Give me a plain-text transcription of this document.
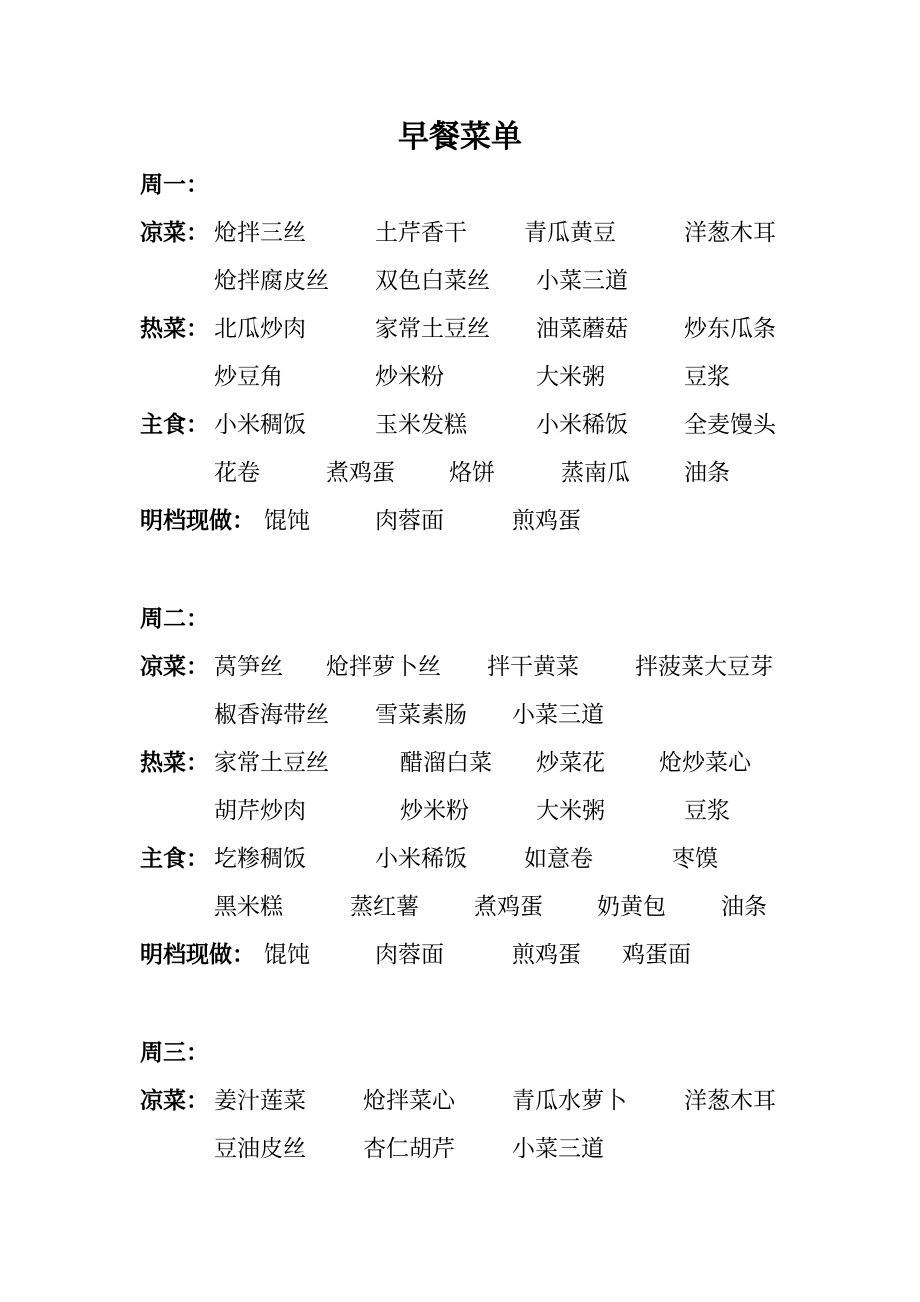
早餐菜单
周一：
凉菜： 炝拌三丝	土芹香干 青瓜黄豆	洋葱木耳
炝拌腐皮丝 双色白菜丝 小菜三道
热菜： 北瓜炒肉	家常土豆丝 油菜蘑菇 炒东瓜条
炒豆角	炒米粉	大米粥	豆浆
主食： 小米稠饭	玉米发糕	小米稀饭 全麦馒头
花卷	煮鸡蛋 烙饼	蒸南瓜 油条
明档现做： 馄饨	肉蓉面	煎鸡蛋
周二：
凉菜： 莴笋丝 炝拌萝卜丝 拌干黄菜 拌菠菜大豆芽
椒香海带丝 雪菜素肠 小菜三道
热菜： 家常土豆丝	醋溜白菜 炒菜花 炝炒菜心
胡芹炒肉	炒米粉	大米粥	豆浆
主食： 圪糁稠饭	小米稀饭 如意卷	枣馍
黑米糕	蒸红薯 煮鸡蛋 奶黄包 油条
明档现做： 馄饨	肉蓉面	煎鸡蛋 鸡蛋面
周三：
凉菜： 姜汁莲菜 炝拌菜心 青瓜水萝卜 洋葱木耳
豆油皮丝 杏仁胡芹 小菜三道
